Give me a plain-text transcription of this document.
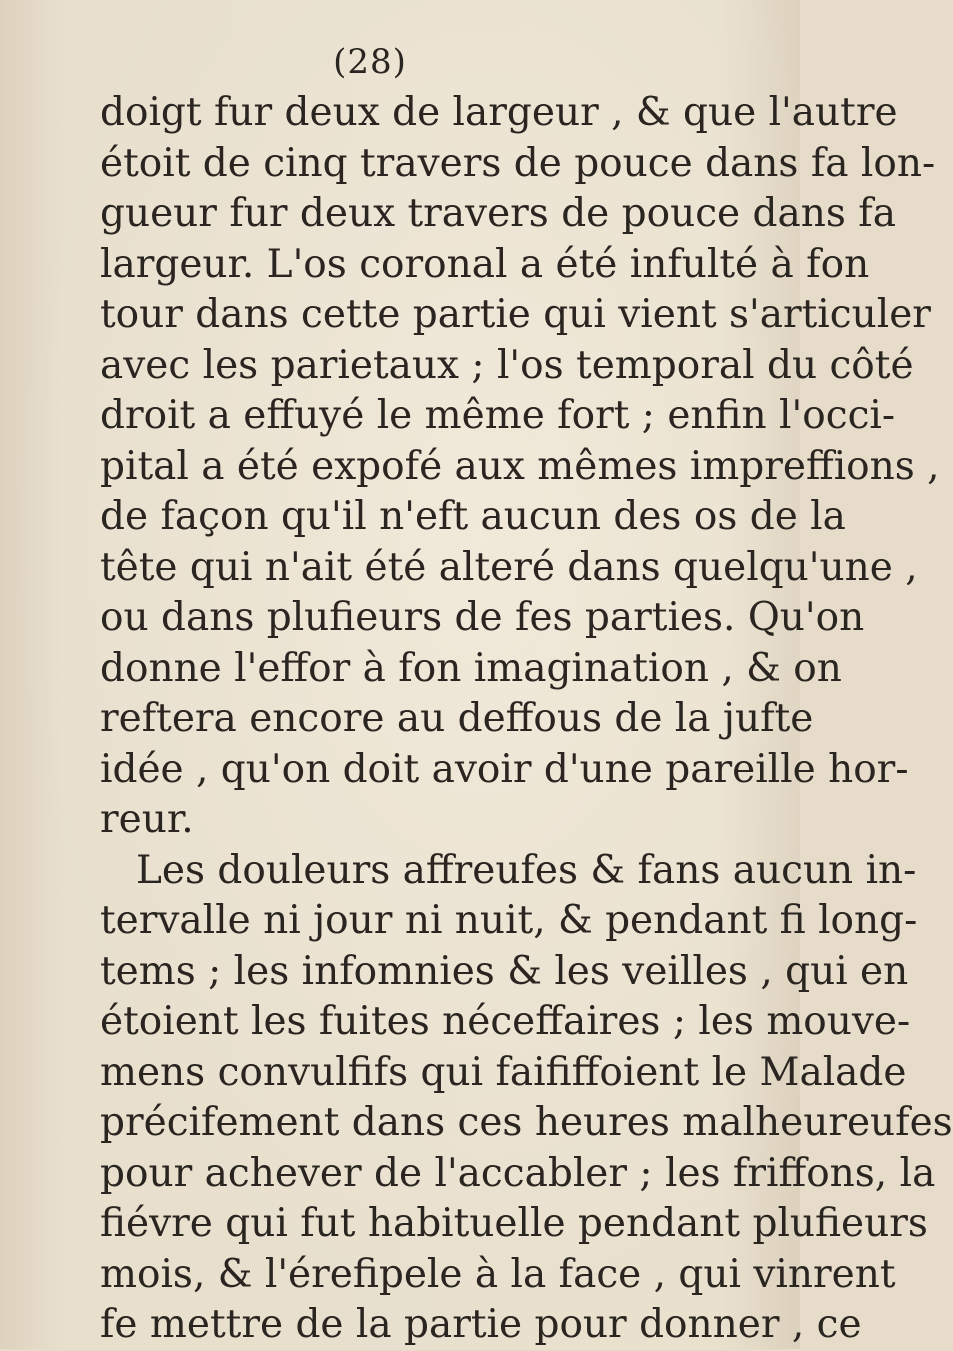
(28)
doigt fur deux de largeur , & que l'autre
étoit de cinq travers de pouce dans fa lon-
gueur fur deux travers de pouce dans fa
largeur. L'os coronal a été infulté à fon
tour dans cette partie qui vient s'articuler
avec les parietaux ; l'os temporal du côté
droit a effuyé le même fort ; enfin l'occi-
pital a été expofé aux mêmes impreffions ,
de façon qu'il n'eft aucun des os de la
tête qui n'ait été alteré dans quelqu'une ,
ou dans plufieurs de fes parties. Qu'on
donne l'effor à fon imagination , & on
reftera encore au deffous de la jufte
idée , qu'on doit avoir d'une pareille hor-
reur.
Les douleurs affreufes & fans aucun in-
tervalle ni jour ni nuit, & pendant fi long-
tems ; les infomnies & les veilles , qui en
étoient les fuites néceffaires ; les mouve-
mens convulfifs qui faififfoient le Malade
précifement dans ces heures malheureufes
pour achever de l'accabler ; les friffons, la
fiévre qui fut habituelle pendant plufieurs
mois, & l'érefipele à la face , qui vinrent
fe mettre de la partie pour donner , ce
